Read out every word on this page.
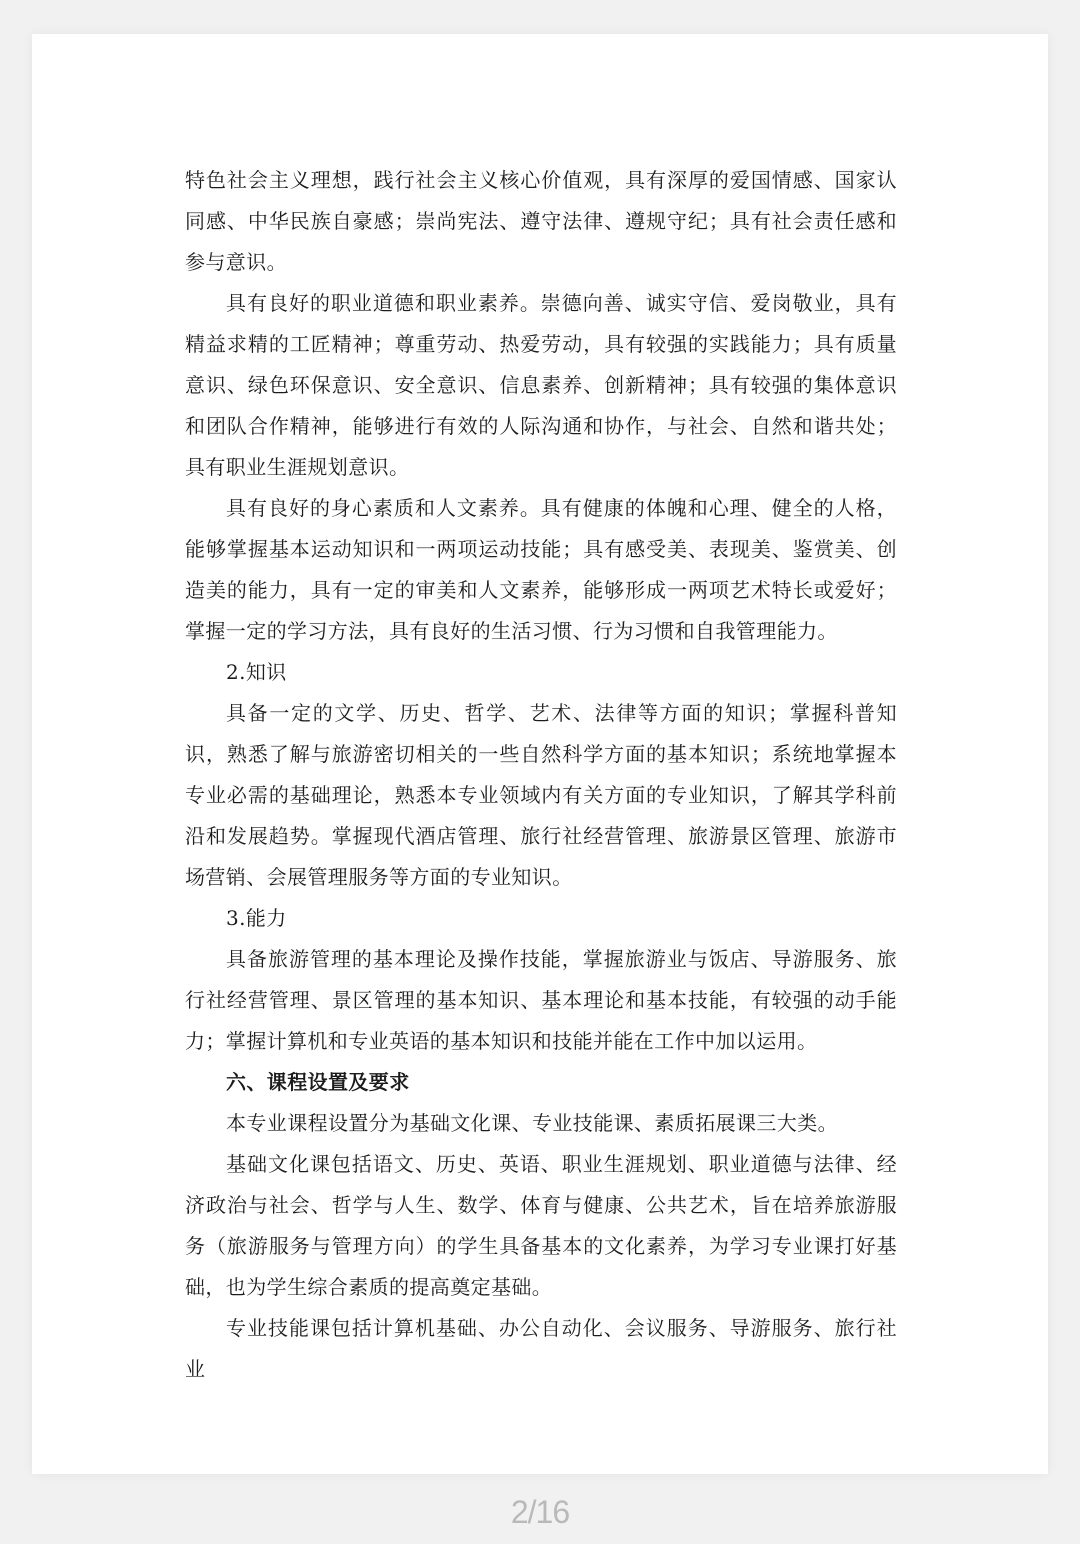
特色社会主义理想，践行社会主义核心价值观，具有深厚的爱国情感、国家认同感、中华民族自豪感；崇尚宪法、遵守法律、遵规守纪；具有社会责任感和参与意识。

具有良好的职业道德和职业素养。崇德向善、诚实守信、爱岗敬业，具有精益求精的工匠精神；尊重劳动、热爱劳动，具有较强的实践能力；具有质量意识、绿色环保意识、安全意识、信息素养、创新精神；具有较强的集体意识和团队合作精神，能够进行有效的人际沟通和协作，与社会、自然和谐共处；具有职业生涯规划意识。

具有良好的身心素质和人文素养。具有健康的体魄和心理、健全的人格，能够掌握基本运动知识和一两项运动技能；具有感受美、表现美、鉴赏美、创造美的能力，具有一定的审美和人文素养，能够形成一两项艺术特长或爱好；掌握一定的学习方法，具有良好的生活习惯、行为习惯和自我管理能力。

2.知识

具备一定的文学、历史、哲学、艺术、法律等方面的知识；掌握科普知识，熟悉了解与旅游密切相关的一些自然科学方面的基本知识；系统地掌握本专业必需的基础理论，熟悉本专业领域内有关方面的专业知识，了解其学科前沿和发展趋势。掌握现代酒店管理、旅行社经营管理、旅游景区管理、旅游市场营销、会展管理服务等方面的专业知识。

3.能力

具备旅游管理的基本理论及操作技能，掌握旅游业与饭店、导游服务、旅行社经营管理、景区管理的基本知识、基本理论和基本技能，有较强的动手能力；掌握计算机和专业英语的基本知识和技能并能在工作中加以运用。

六、课程设置及要求

本专业课程设置分为基础文化课、专业技能课、素质拓展课三大类。

基础文化课包括语文、历史、英语、职业生涯规划、职业道德与法律、经济政治与社会、哲学与人生、数学、体育与健康、公共艺术，旨在培养旅游服务（旅游服务与管理方向）的学生具备基本的文化素养，为学习专业课打好基础，也为学生综合素质的提高奠定基础。

专业技能课包括计算机基础、办公自动化、会议服务、导游服务、旅行社业

2/16
